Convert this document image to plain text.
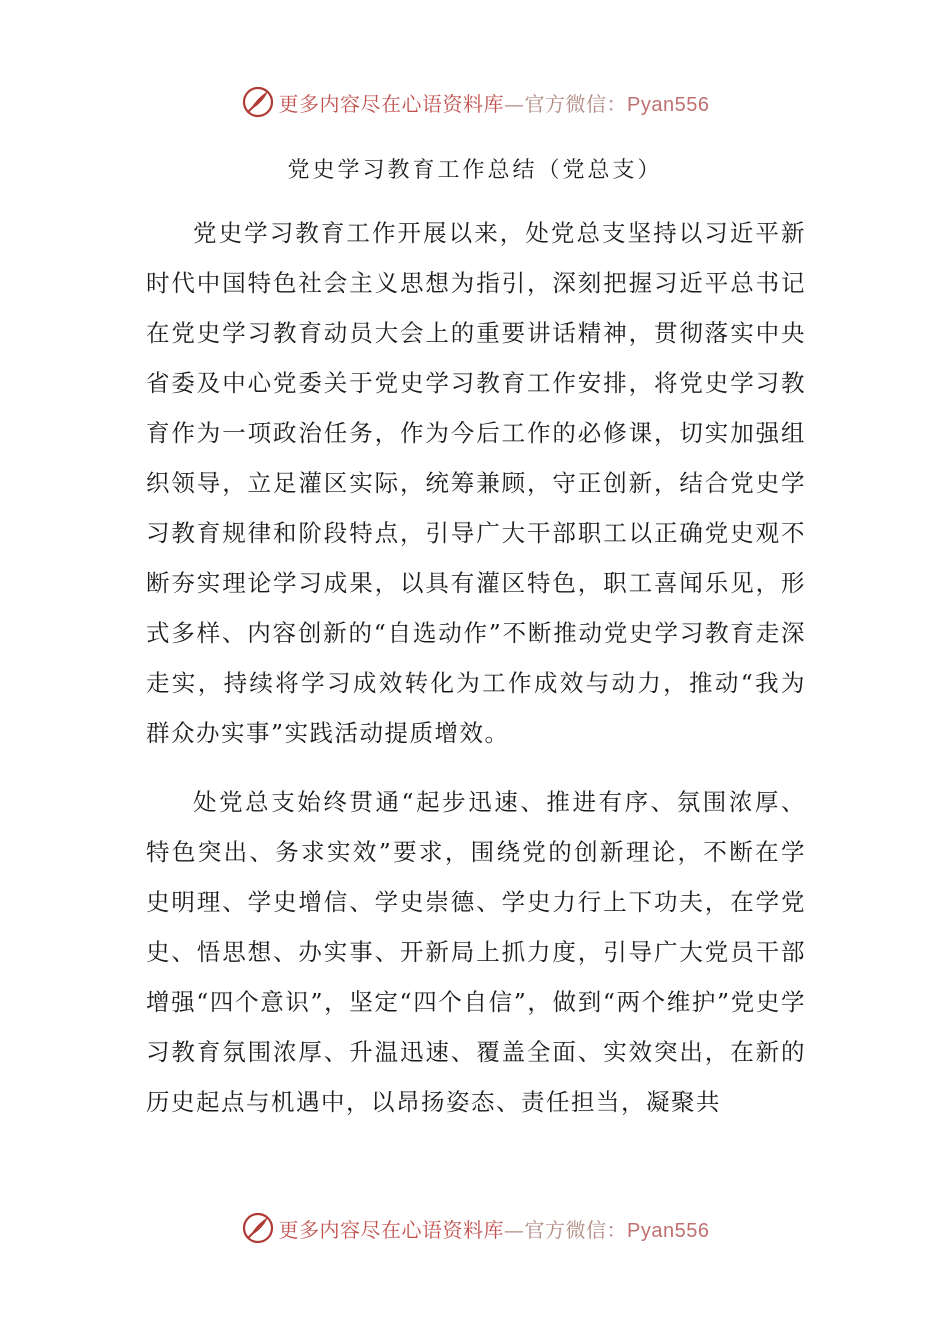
更多内容尽在心语资料库—官方微信：Pyan556
党史学习教育工作总结（党总支）

党史学习教育工作开展以来，处党总支坚持以习近平新时代中国特色社会主义思想为指引，深刻把握习近平总书记在党史学习教育动员大会上的重要讲话精神，贯彻落实中央省委及中心党委关于党史学习教育工作安排，将党史学习教育作为一项政治任务，作为今后工作的必修课，切实加强组织领导，立足灌区实际，统筹兼顾，守正创新，结合党史学习教育规律和阶段特点，引导广大干部职工以正确党史观不断夯实理论学习成果，以具有灌区特色，职工喜闻乐见，形式多样、内容创新的“自选动作”不断推动党史学习教育走深走实，持续将学习成效转化为工作成效与动力，推动“我为群众办实事”实践活动提质增效。

处党总支始终贯通“起步迅速、推进有序、氛围浓厚、特色突出、务求实效”要求，围绕党的创新理论，不断在学史明理、学史增信、学史崇德、学史力行上下功夫，在学党史、悟思想、办实事、开新局上抓力度，引导广大党员干部增强“四个意识”，坚定“四个自信”，做到“两个维护”党史学习教育氛围浓厚、升温迅速、覆盖全面、实效突出，在新的历史起点与机遇中，以昂扬姿态、责任担当，凝聚共

更多内容尽在心语资料库—官方微信：Pyan556
